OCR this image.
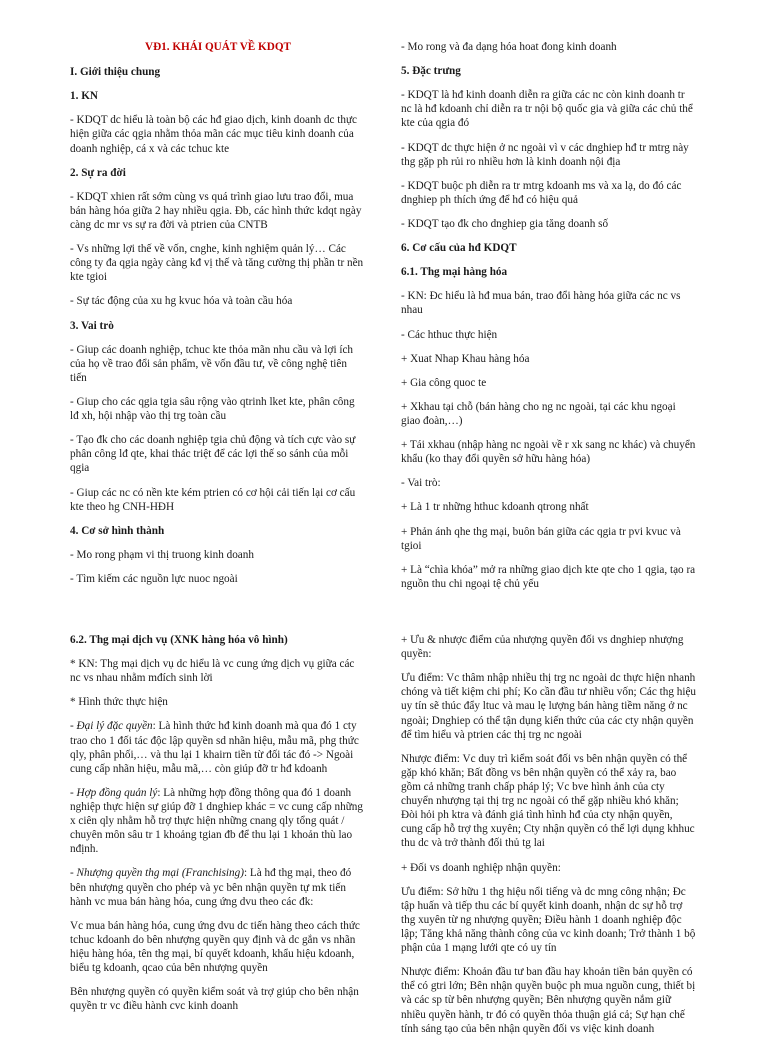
VĐ1. KHÁI QUÁT VỀ KDQT
I. Giới thiệu chung
1. KN
- KDQT dc hiểu là toàn bộ các hđ giao dịch, kinh doanh dc thực hiện giữa các qgia nhằm thỏa mãn các mục tiêu kinh doanh của doanh nghiệp, cá x và các tchuc kte
2. Sự ra đời
- KDQT xhien rất sớm cùng vs quá trình giao lưu trao đổi, mua bán hàng hóa giữa 2 hay nhiều qgia. Đb, các hình thức kdqt ngày càng dc mr vs sự ra đời và ptrien của CNTB
- Vs những lợi thế về vốn, cnghe, kinh nghiệm quản lý… Các công ty đa qgia ngày càng kđ vị thế và tăng cường thị phần tr nền kte tgioi
- Sự tác động của xu hg kvuc hóa và toàn cầu hóa
3. Vai trò
- Giup các doanh nghiệp, tchuc kte thỏa mãn nhu cầu và lợi ích của họ về trao đổi sản phẩm, về vốn đầu tư, về công nghệ tiên tiến
- Giup cho các qgia tgia sâu rộng vào qtrinh lket kte, phân công lđ xh, hội nhập vào thị trg toàn cầu
- Tạo đk cho các doanh nghiệp tgia chủ động và tích cực vào sự phân công lđ qte, khai thác triệt để các lợi thế so sánh của mỗi qgia
- Giup các nc có nền kte kém ptrien có cơ hội cải tiến lại cơ cấu kte theo hg CNH-HĐH
4. Cơ sở hình thành
- Mo rong phạm vi thị truong kinh doanh
- Tìm kiếm các nguồn lực nuoc ngoài
- Mo rong và đa dạng hóa hoat đong kinh doanh
5. Đặc trưng
- KDQT là hđ kinh doanh diễn ra giữa các nc còn kinh doanh tr nc là hđ kdoanh chỉ diễn ra tr nội bộ quốc gia và giữa các chủ thể kte của qgia đó
- KDQT dc thực hiện ở nc ngoài vì v các dnghiep hđ tr mtrg này thg gặp ph rủi ro nhiều hơn là kinh doanh nội địa
- KDQT buộc ph diễn ra tr mtrg kdoanh ms và xa lạ, do đó các dnghiep ph thích ứng để hđ có hiệu quả
- KDQT tạo đk cho dnghiep gia tăng doanh số
6. Cơ cấu của hđ KDQT
6.1. Thg mại hàng hóa
- KN: Đc hiểu là hđ mua bán, trao đổi hàng hóa giữa các nc vs nhau
- Các hthuc thực hiện
+ Xuat Nhap Khau hàng hóa
+ Gia công quoc te
+ Xkhau tại chỗ (bán hàng cho ng nc ngoài, tại các khu ngoại giao đoàn,…)
+ Tái xkhau (nhập hàng nc ngoài về r xk sang nc khác) và chuyển khẩu (ko thay đổi quyền sở hữu hàng hóa)
- Vai trò:
+ Là 1 tr những hthuc kdoanh qtrong nhất
+ Phản ánh qhe thg mại, buôn bán giữa các qgia tr pvi kvuc và tgioi
+ Là “chìa khóa” mở ra những giao dịch kte qte cho 1 qgia, tạo ra nguồn thu chi ngoại tệ chủ yếu
6.2. Thg mại dịch vụ (XNK hàng hóa vô hình)
* KN: Thg mại dịch vụ dc hiểu là vc cung ứng dịch vụ giữa các nc vs nhau nhằm mđích sinh lời
* Hình thức thực hiện
- Đại lý đặc quyền: Là hình thức hđ kinh doanh mà qua đó 1 cty trao cho 1 đối tác độc lập quyền sd nhãn hiệu, mẫu mã, phg thức qly, phân phối,… và thu lại 1 khairn tiền từ đối tác đó -> Ngoài cung cấp nhãn hiệu, mẫu mã,… còn giúp đỡ tr hđ kdoanh
- Hợp đồng quản lý: Là những hợp đồng thông qua đó 1 doanh nghiệp thực hiện sự giúp đỡ 1 dnghiep khác = vc cung cấp những x ciên qly nhằm hỗ trợ thực hiện những cnang qly tổng quát / chuyên môn sâu tr 1 khoảng tgian đb để thu lại 1 khoản thù lao nđịnh.
- Nhượng quyền thg mại (Franchising): Là hđ thg mại, theo đó bên nhượng quyền cho phép và yc bên nhận quyền tự mk tiến hành vc mua bán hàng hóa, cung ứng dvu theo các đk:
Vc mua bán hàng hóa, cung ứng dvu dc tiến hàng theo cách thức tchuc kdoanh do bên nhượng quyền quy định và dc gắn vs nhãn hiệu hàng hóa, tên thg mại, bí quyết kdoanh, khẩu hiệu kdoanh, biểu tg kdoanh, qcao của bên nhượng quyền
Bên nhượng quyền có quyền kiểm soát và trợ giúp cho bên nhận quyền tr vc điều hành cvc kinh doanh
+ Ưu & nhược điểm của nhượng quyền đối vs dnghiep nhượng quyền:
Ưu điểm: Vc thâm nhập nhiều thị trg nc ngoài dc thực hiện nhanh chóng và tiết kiệm chi phí; Ko cần đầu tư nhiều vốn; Các thg hiệu uy tín sẽ thúc đẩy ltuc và mau lẹ lượng bán hàng tiềm năng ở nc ngoài; Dnghiep có thể tận dụng kiến thức của các cty nhận quyền để tìm hiểu và ptrien các thị trg nc ngoài
Nhược điểm: Vc duy trì kiểm soát đối vs bên nhận quyền có thể gặp khó khăn; Bất đồng vs bên nhận quyền có thể xảy ra, bao gồm cả những tranh chấp pháp lý; Vc bve hình ảnh của cty chuyển nhượng tại thị trg nc ngoài có thể gặp nhiều khó khăn; Đòi hỏi ph ktra và đánh giá tình hình hđ của cty nhận quyền, cung cấp hỗ trợ thg xuyên; Cty nhận quyền có thể lợi dụng khhuc thu dc và trở thành đối thủ tg lai
+ Đối vs doanh nghiệp nhận quyền:
Ưu điểm: Sở hữu 1 thg hiệu nổi tiếng và dc mng công nhận; Đc tập huấn và tiếp thu các bí quyết kinh doanh, nhận dc sự hỗ trợ thg xuyên từ ng nhượng quyền; Điều hành 1 doanh nghiệp độc lập; Tăng khả năng thành công của vc kinh doanh; Trở thành 1 bộ phận của 1 mạng lưới qte có uy tín
Nhược điểm: Khoản đầu tư ban đầu hay khoản tiền bản quyền có thể có gtri lớn; Bên nhận quyền buộc ph mua nguồn cung, thiết bị và các sp từ bên nhượng quyền; Bên nhượng quyền nắm giữ nhiều quyền hành, tr đó có quyền thỏa thuận giá cả; Sự hạn chế tính sáng tạo của bên nhận quyền đối vs việc kinh doanh
